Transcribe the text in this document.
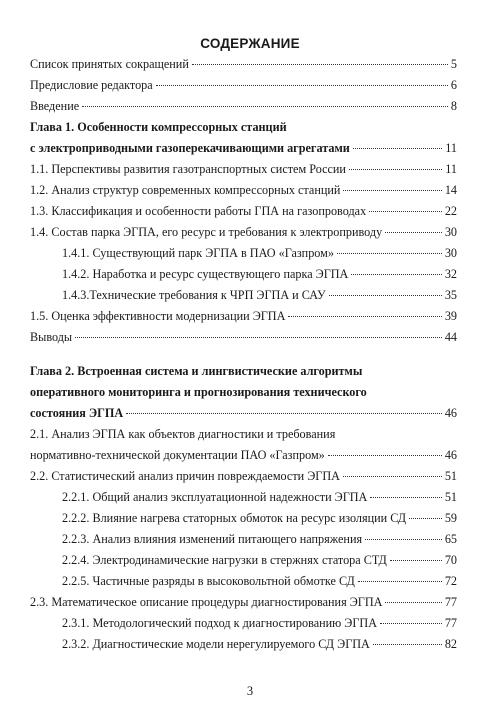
СОДЕРЖАНИЕ
Список принятых сокращений	5
Предисловие редактора	6
Введение	8
Глава 1. Особенности компрессорных станций
с электроприводными газоперекачивающими агрегатами	11
1.1. Перспективы развития газотранспортных систем России	11
1.2. Анализ структур современных компрессорных станций	14
1.3. Классификация и особенности работы ГПА на газопроводах	22
1.4. Состав парка ЭГПА, его ресурс и требования к электроприводу	30
1.4.1. Существующий парк ЭГПА в ПАО «Газпром»	30
1.4.2. Наработка и ресурс существующего парка ЭГПА	32
1.4.3.Технические требования к ЧРП ЭГПА и САУ	35
1.5. Оценка эффективности модернизации ЭГПА	39
Выводы	44
Глава 2. Встроенная система и лингвистические алгоритмы
оперативного мониторинга и прогнозирования технического
состояния ЭГПА	46
2.1. Анализ ЭГПА как объектов диагностики и требования
нормативно-технической документации ПАО «Газпром»	46
2.2. Статистический анализ причин повреждаемости ЭГПА	51
2.2.1. Общий анализ эксплуатационной надежности ЭГПА	51
2.2.2. Влияние нагрева статорных обмоток на ресурс изоляции СД	59
2.2.3. Анализ влияния изменений питающего напряжения	65
2.2.4. Электродинамические нагрузки в стержнях статора СТД	70
2.2.5. Частичные разряды в высоковольтной обмотке СД	72
2.3. Математическое описание процедуры диагностирования ЭГПА	77
2.3.1. Методологический подход к диагностированию ЭГПА	77
2.3.2. Диагностические модели нерегулируемого СД ЭГПА	82
3
